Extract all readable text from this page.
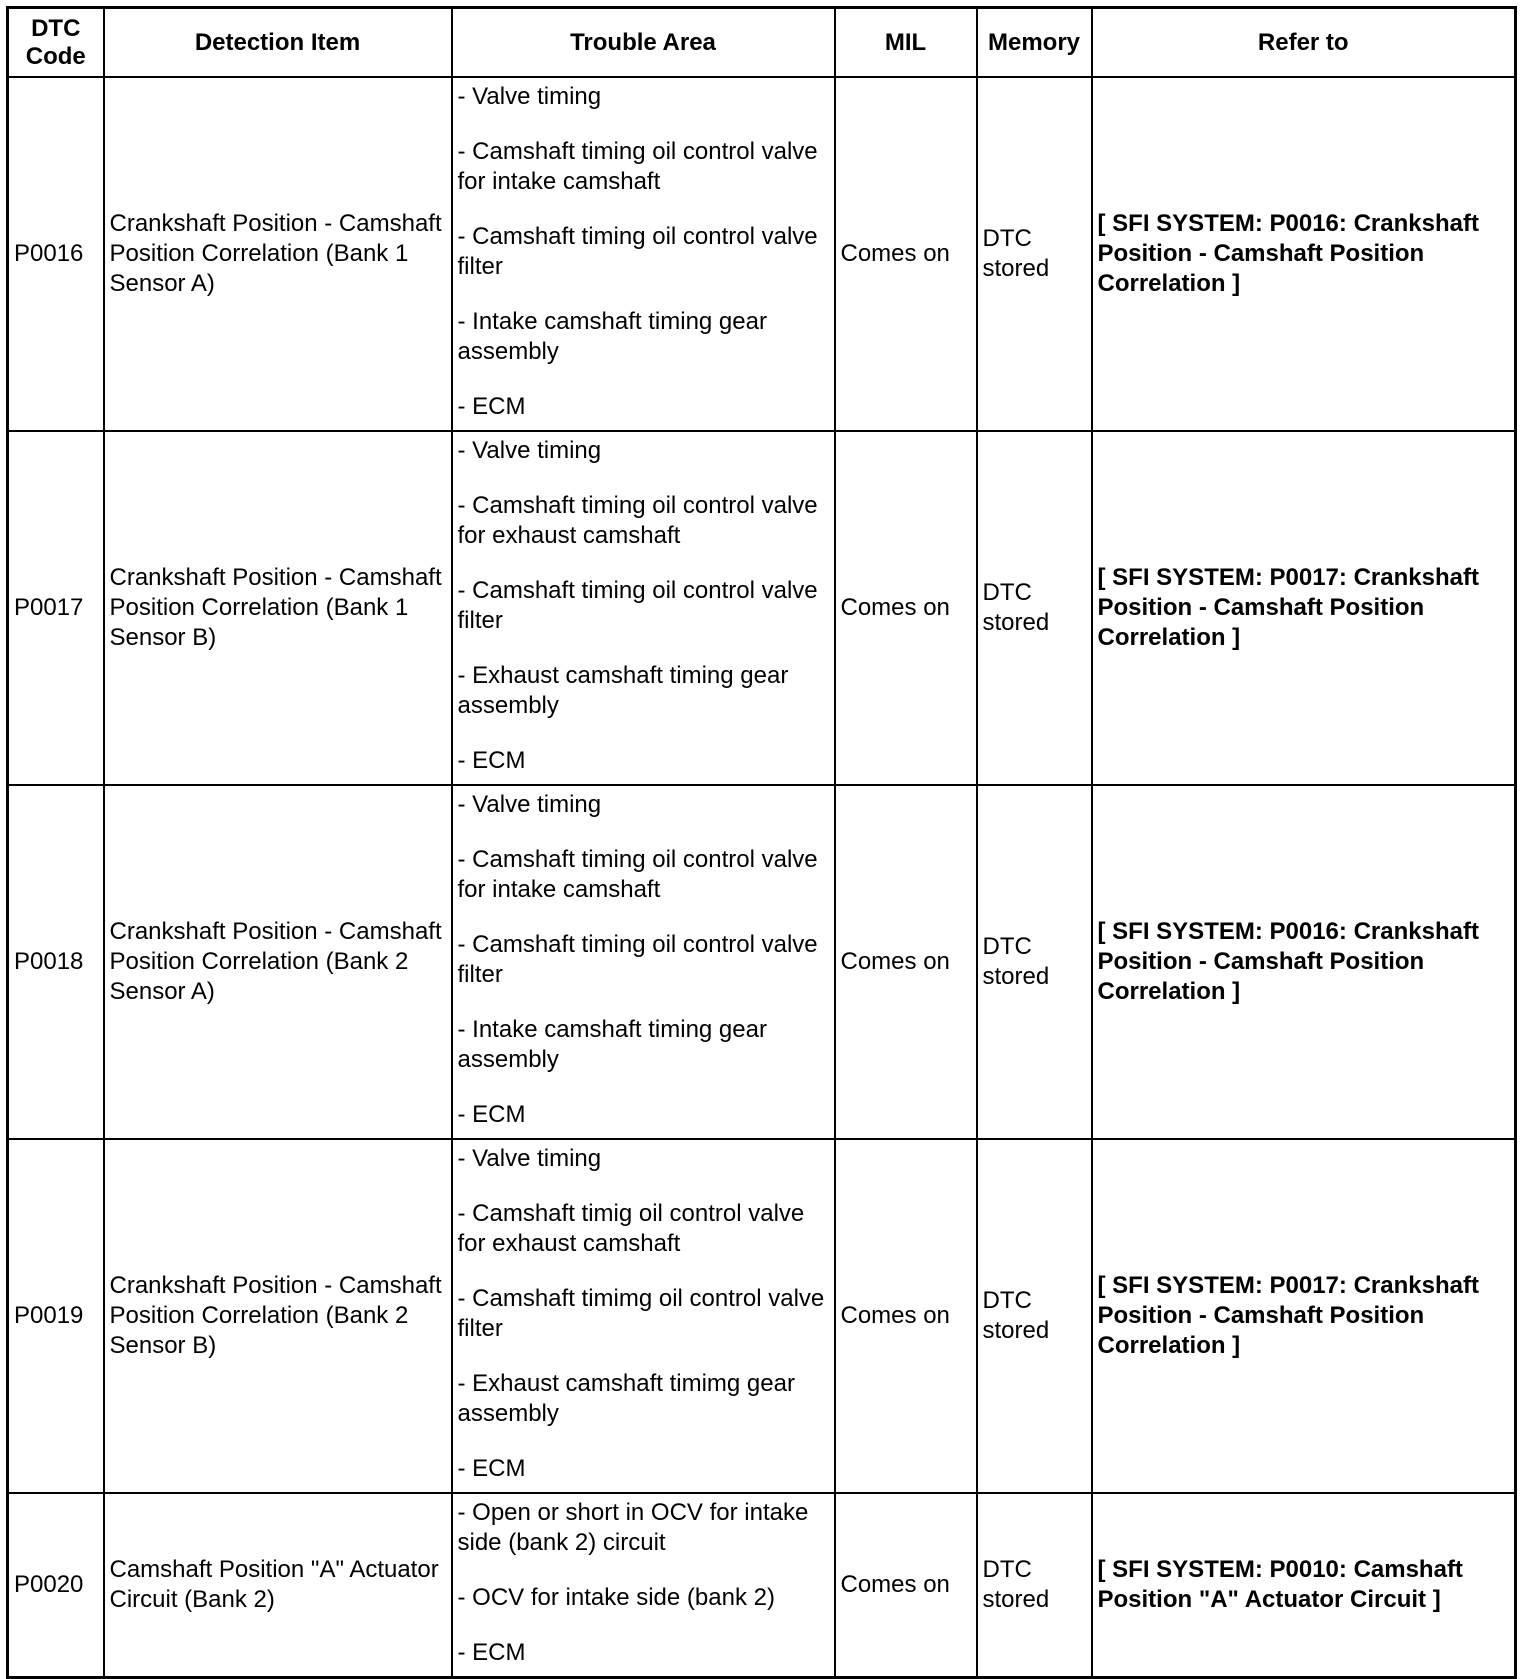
DTC Code	Detection Item	Trouble Area	MIL	Memory	Refer to
P0016	Crankshaft Position - Camshaft Position Correlation (Bank 1 Sensor A)	- Valve timing

- Camshaft timing oil control valve for intake camshaft

- Camshaft timing oil control valve filter

- Intake camshaft timing gear assembly

- ECM	Comes on	DTC stored	[ SFI SYSTEM: P0016: Crankshaft Position - Camshaft Position Correlation ]
P0017	Crankshaft Position - Camshaft Position Correlation (Bank 1 Sensor B)	- Valve timing

- Camshaft timing oil control valve for exhaust camshaft

- Camshaft timing oil control valve filter

- Exhaust camshaft timing gear assembly

- ECM	Comes on	DTC stored	[ SFI SYSTEM: P0017: Crankshaft Position - Camshaft Position Correlation ]
P0018	Crankshaft Position - Camshaft Position Correlation (Bank 2 Sensor A)	- Valve timing

- Camshaft timing oil control valve for intake camshaft

- Camshaft timing oil control valve filter

- Intake camshaft timing gear assembly

- ECM	Comes on	DTC stored	[ SFI SYSTEM: P0016: Crankshaft Position - Camshaft Position Correlation ]
P0019	Crankshaft Position - Camshaft Position Correlation (Bank 2 Sensor B)	- Valve timing

- Camshaft timig oil control valve for exhaust camshaft

- Camshaft timimg oil control valve filter

- Exhaust camshaft timimg gear assembly

- ECM	Comes on	DTC stored	[ SFI SYSTEM: P0017: Crankshaft Position - Camshaft Position Correlation ]
P0020	Camshaft Position "A" Actuator Circuit (Bank 2)	- Open or short in OCV for intake side (bank 2) circuit

- OCV for intake side (bank 2)

- ECM	Comes on	DTC stored	[ SFI SYSTEM: P0010: Camshaft Position "A" Actuator Circuit ]
